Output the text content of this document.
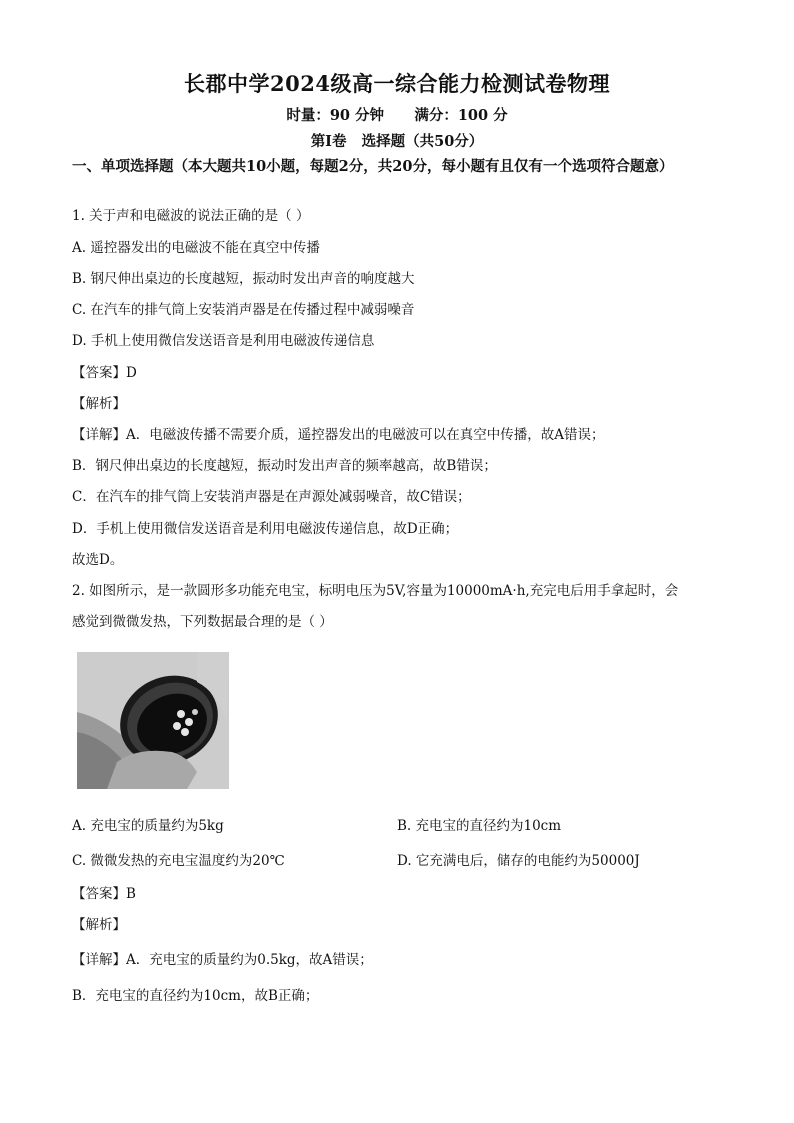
长郡中学2024级高一综合能力检测试卷物理
时量：90 分钟      满分：100 分
第Ⅰ卷   选择题（共50分）
一、单项选择题（本大题共10小题，每题2分，共20分，每小题有且仅有一个选项符合题意）
1. 关于声和电磁波的说法正确的是（ ）
A. 遥控器发出的电磁波不能在真空中传播
B. 钢尺伸出桌边的长度越短，振动时发出声音的响度越大
C. 在汽车的排气筒上安装消声器是在传播过程中减弱噪音
D. 手机上使用微信发送语音是利用电磁波传递信息
【答案】D
【解析】
【详解】A．电磁波传播不需要介质，遥控器发出的电磁波可以在真空中传播，故A错误；
B．钢尺伸出桌边的长度越短，振动时发出声音的频率越高，故B错误；
C．在汽车的排气筒上安装消声器是在声源处减弱噪音，故C错误；
D．手机上使用微信发送语音是利用电磁波传递信息，故D正确；
故选D。
2. 如图所示，是一款圆形多功能充电宝，标明电压为5V,容量为10000mA·h,充完电后用手拿起时，会
感觉到微微发热，下列数据最合理的是（ ）
A. 充电宝的质量约为5kg	B. 充电宝的直径约为10cm
C. 微微发热的充电宝温度约为20℃	D. 它充满电后，储存的电能约为50000J
【答案】B
【解析】
【详解】A．充电宝的质量约为0.5kg，故A错误；
B．充电宝的直径约为10cm，故B正确；
